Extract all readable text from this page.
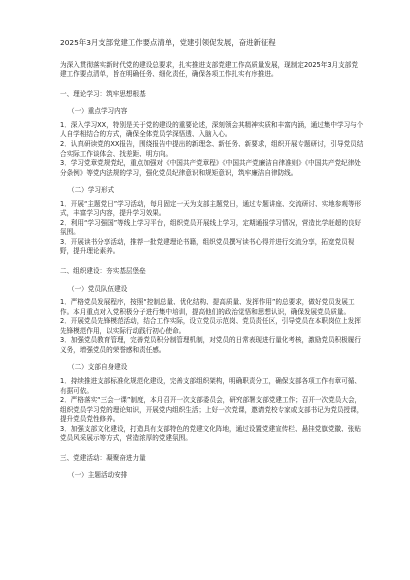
2025年3月支部党建工作要点清单，党建引领促发展，奋进新征程

为深入贯彻落实新时代党的建设总要求，扎实推进支部党建工作高质量发展，现制定2025年3月支部党建工作要点清单，旨在明确任务、细化责任，确保各项工作扎实有序推进。

一、理论学习：筑牢思想根基
（一）重点学习内容
1．深入学习XX，特别是关于党的建设的重要论述，深刻领会其精神实质和丰富内涵，通过集中学习与个人自学相结合的方式，确保全体党员学深悟透、入脑入心。
2．认真研读党的XX报告，围绕报告中提出的新理念、新任务、新要求，组织开展专题研讨，引导党员结合实际工作谈体会、找差距、明方向。
3．学习党章党规党纪，重点加强对《中国共产党章程》《中国共产党廉洁自律准则》《中国共产党纪律处分条例》等党内法规的学习，强化党员纪律意识和规矩意识，筑牢廉洁自律防线。
（二）学习形式
1．开展“主题党日”学习活动，每月固定一天为支部主题党日，通过专题讲座、交流研讨、实地参观等形式，丰富学习内容，提升学习效果。
2．利用“学习强国”等线上学习平台，组织党员开展线上学习，定期通报学习情况，营造比学赶超的良好氛围。
3．开展读书分享活动，推荐一批党建理论书籍，组织党员撰写读书心得并进行交流分享，拓宽党员视野，提升理论素养。
二、组织建设：夯实基层堡垒
（一）党员队伍建设
1．严格党员发展程序，按照“控制总量、优化结构、提高质量、发挥作用”的总要求，做好党员发展工作。本月重点对入党积极分子进行集中培训，提高他们的政治觉悟和思想认识，确保发展党员质量。
2．开展党员先锋模范活动，结合工作实际，设立党员示范岗、党员责任区，引导党员在本职岗位上发挥先锋模范作用，以实际行动践行初心使命。
3．加强党员教育管理，完善党员积分制管理机制，对党员的日常表现进行量化考核，激励党员积极履行义务，增强党员的荣誉感和责任感。
（二）支部自身建设
1．持续推进支部标准化规范化建设，完善支部组织架构，明确职责分工，确保支部各项工作有章可循、有据可依。
2．严格落实“三会一课”制度，本月召开一次支部委员会，研究部署支部党建工作；召开一次党员大会，组织党员学习党的理论知识，开展党内组织生活；上好一次党课，邀请党校专家或支部书记为党员授课，提升党员党性修养。
3．加强支部文化建设，打造具有支部特色的党建文化阵地，通过设置党建宣传栏、悬挂党旗党徽、张贴党员风采展示等方式，营造浓厚的党建氛围。
三、党建活动：凝聚奋进力量
（一）主题活动安排
